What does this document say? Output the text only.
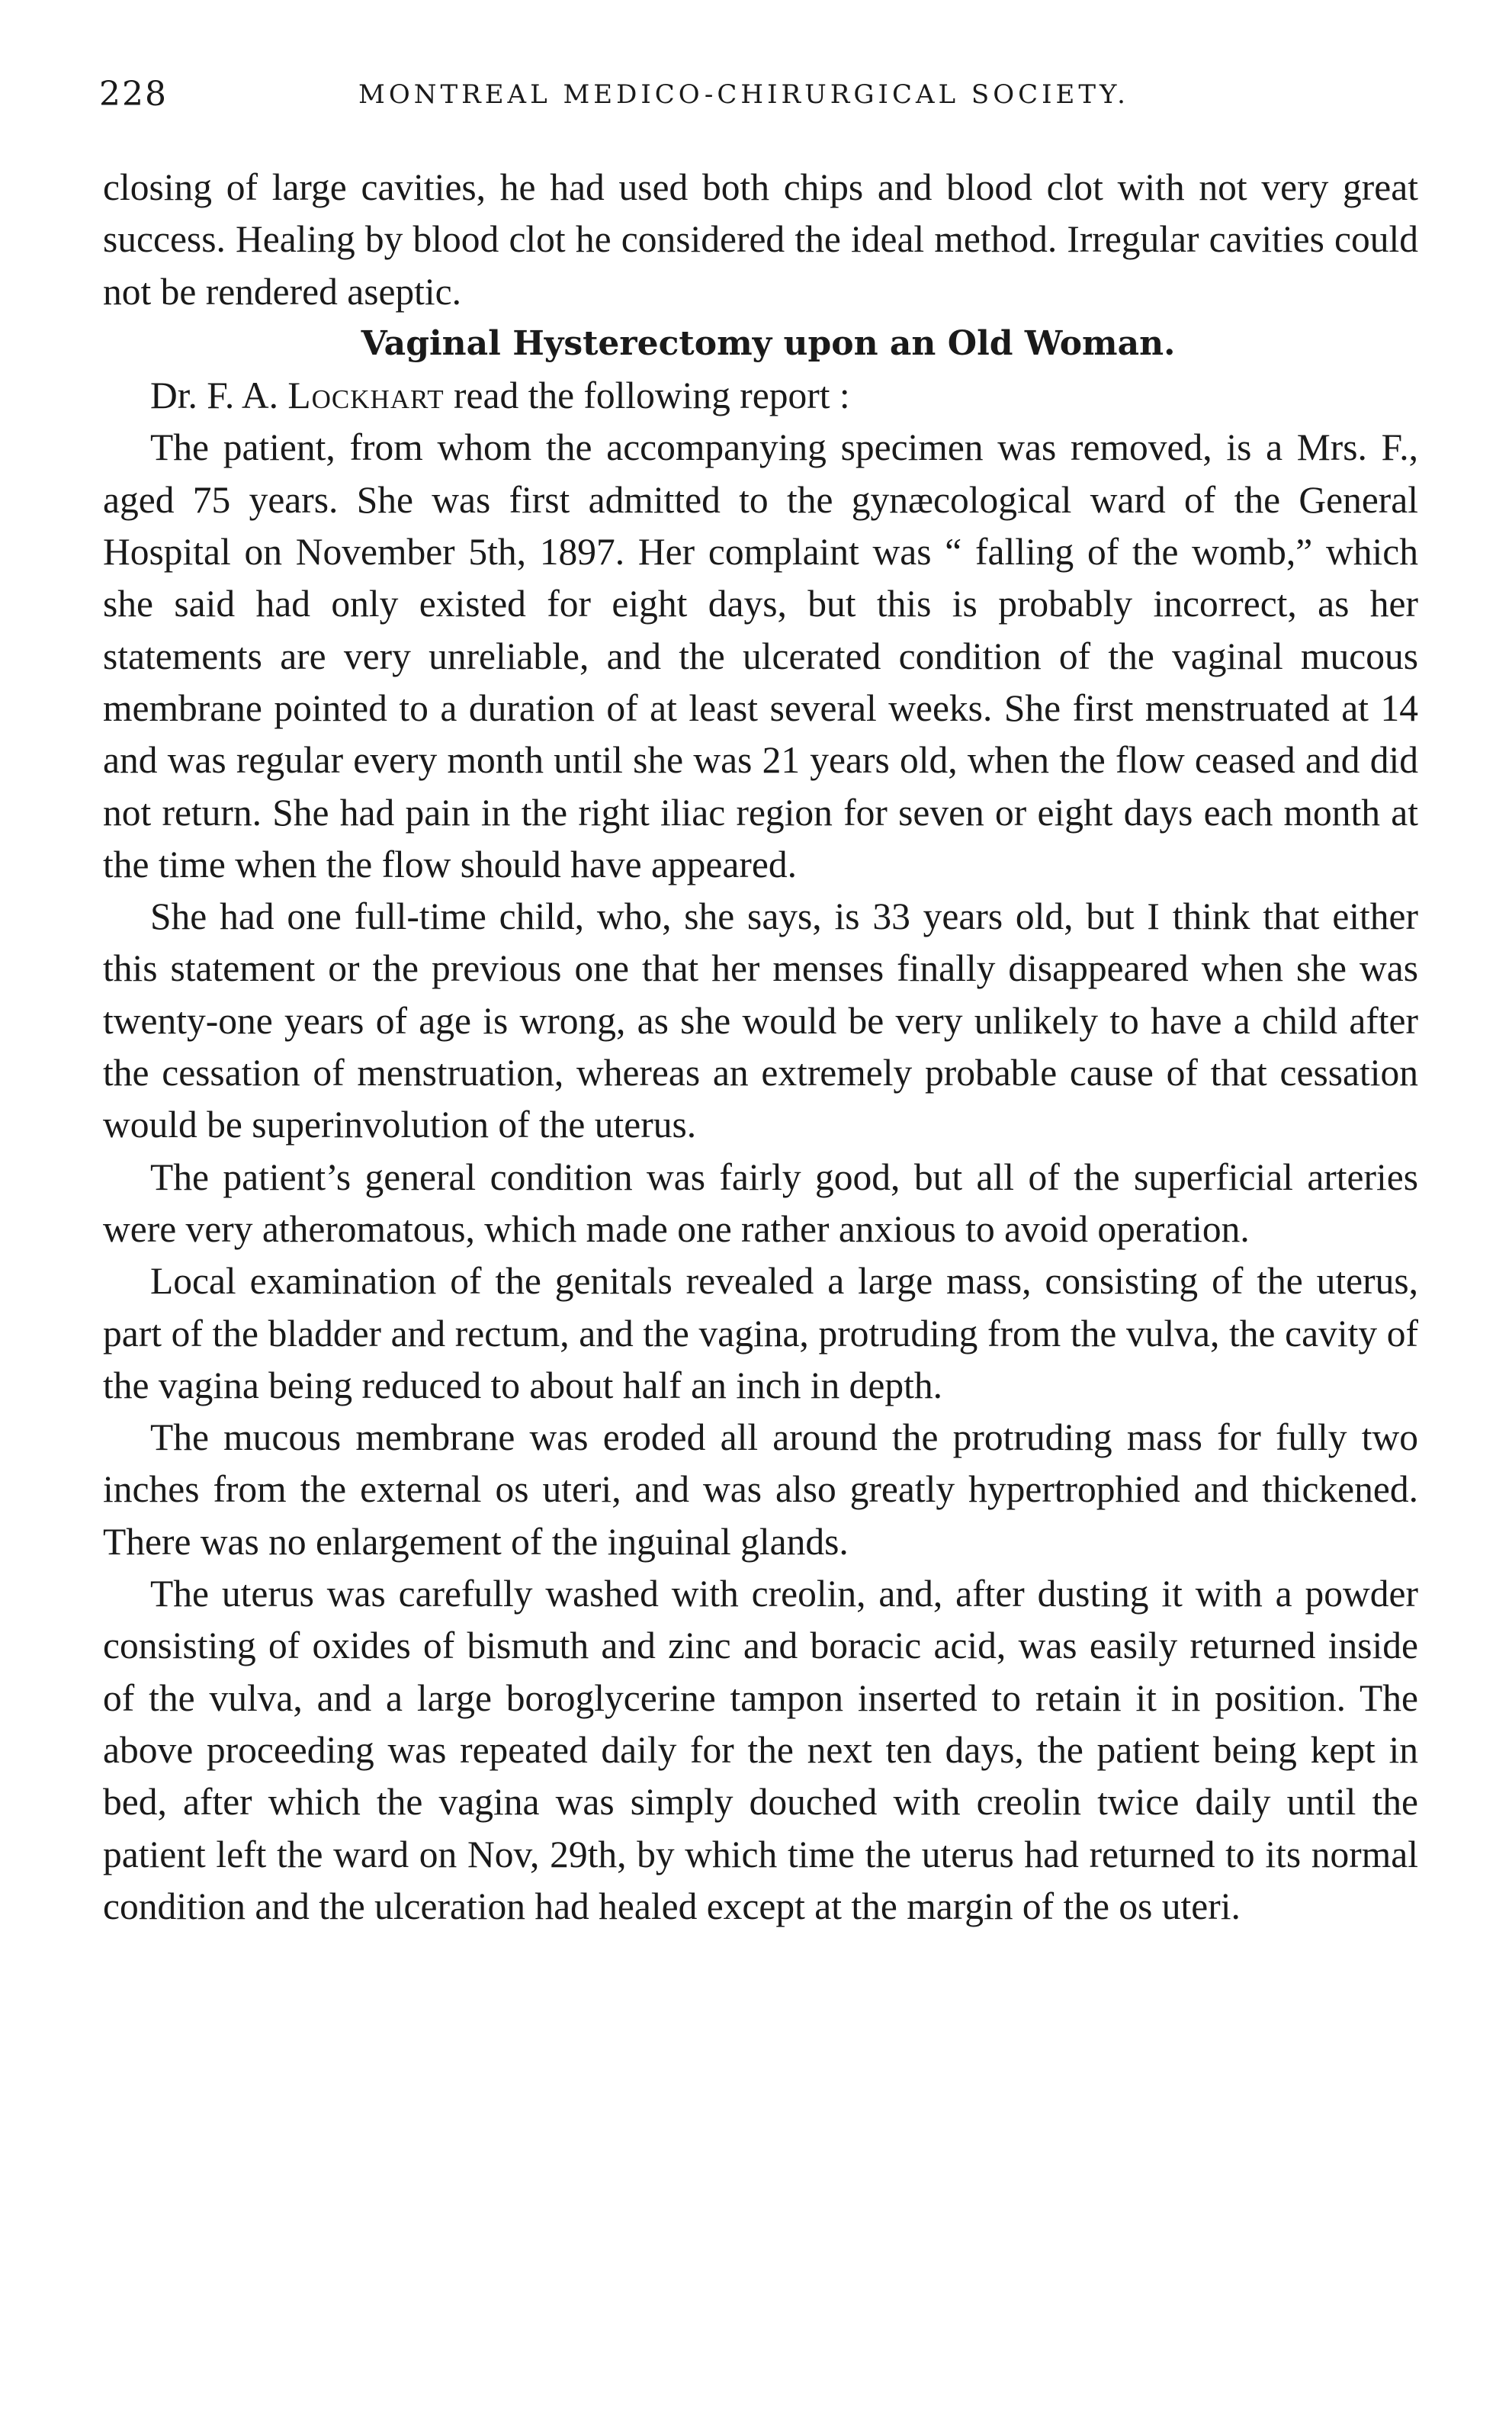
228	MONTREAL MEDICO-CHIRURGICAL SOCIETY.

closing of large cavities, he had used both chips and blood clot with not very great success. Healing by blood clot he considered the ideal method. Irregular cavities could not be rendered aseptic.

Vaginal Hysterectomy upon an Old Woman.

Dr. F. A. Lockhart read the following report :

The patient, from whom the accompanying specimen was removed, is a Mrs. F., aged 75 years. She was first admitted to the gynæcological ward of the General Hospital on November 5th, 1897. Her complaint was “ falling of the womb,” which she said had only existed for eight days, but this is probably incorrect, as her statements are very unreliable, and the ulcerated condition of the vaginal mucous membrane pointed to a duration of at least several weeks. She first menstruated at 14 and was regular every month until she was 21 years old, when the flow ceased and did not return. She had pain in the right iliac region for seven or eight days each month at the time when the flow should have appeared.

She had one full-time child, who, she says, is 33 years old, but I think that either this statement or the previous one that her menses finally disappeared when she was twenty-one years of age is wrong, as she would be very unlikely to have a child after the cessation of menstruation, whereas an extremely probable cause of that cessation would be superinvolution of the uterus.

The patient’s general condition was fairly good, but all of the superficial arteries were very atheromatous, which made one rather anxious to avoid operation.

Local examination of the genitals revealed a large mass, consisting of the uterus, part of the bladder and rectum, and the vagina, protruding from the vulva, the cavity of the vagina being reduced to about half an inch in depth.

The mucous membrane was eroded all around the protruding mass for fully two inches from the external os uteri, and was also greatly hypertrophied and thickened. There was no enlargement of the inguinal glands.

The uterus was carefully washed with creolin, and, after dusting it with a powder consisting of oxides of bismuth and zinc and boracic acid, was easily returned inside of the vulva, and a large boroglycerine tampon inserted to retain it in position. The above proceeding was repeated daily for the next ten days, the patient being kept in bed, after which the vagina was simply douched with creolin twice daily until the patient left the ward on Nov, 29th, by which time the uterus had returned to its normal condition and the ulceration had healed except at the margin of the os uteri.
